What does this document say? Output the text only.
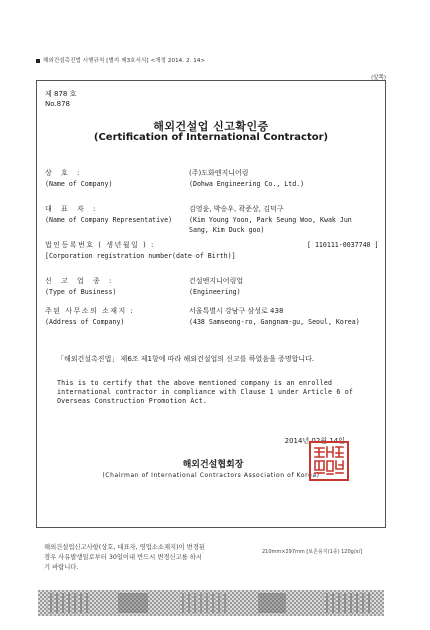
해외건설촉진법 시행규칙 [별지 제3호서식] <개정 2014. 2. 14>
(앞쪽)
제 878 호
No.878
해외건설업 신고확인증
(Certification of International Contractor)
상 호 :	(주)도화엔지니어링
(Name of Company)	(Dohwa Engineering Co., Ltd.)
대 표 자 :	김영윤, 박승우, 곽준상, 김덕구
(Name of Company Representative)	(Kim Young Yoon, Park Seung Woo, Kwak Jun Sang, Kim Duck goo)
법인등록번호 ( 생년월일 ) :	[ 110111-0037740 ]
[Corporation registration number(date of Birth)]
신 고 업 종 :	건설엔지니어링업
(Type of Business)	(Engineering)
주된 사무소의 소재지 :	서울특별시 강남구 삼성로 438
(Address of Company)	(438 Samseong-ro, Gangnam-gu, Seoul, Korea)
「해외건설촉진법」 제6조 제1항에 따라 해외건설업의 신고를 하였음을 증명합니다.
This is to certify that the above mentioned company is an enrolled international contractor in compliance with Clause 1 under Article 6 of Overseas Construction Promotion Act.
2014년 02월 14일
해외건설협회장
(Chairman of International Contractors Association of Korea)
해외건설업신고사항(상호, 대표자, 영업소소재지)이 변경된 경우 사유발생일로부터 30일이내 반드시 변경신고를 하시기 바랍니다.
210mm×297mm [보존용지(1종) 120g/㎡]
